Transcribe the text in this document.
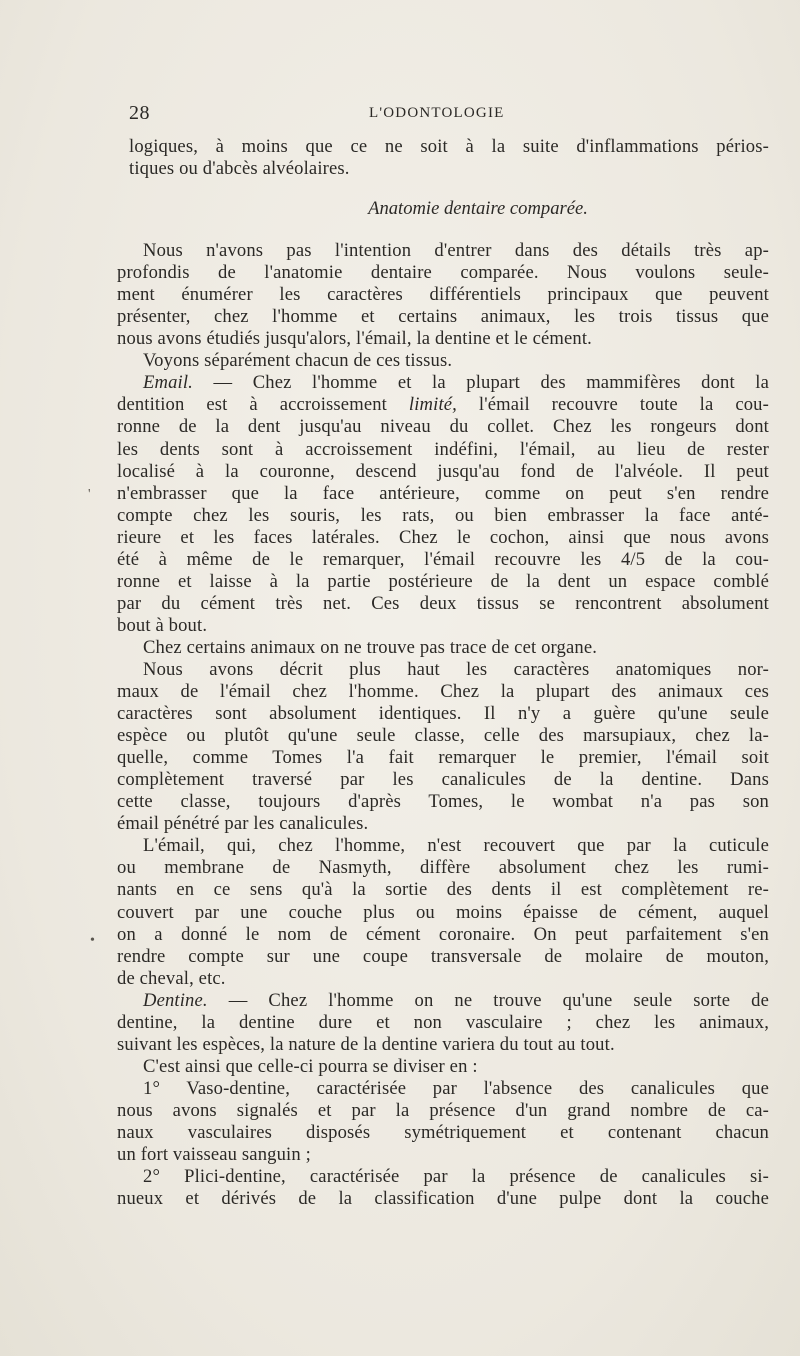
28	L'ODONTOLOGIE
'
•
logiques, à moins que ce ne soit à la suite d'inflammations périos-
tiques ou d'abcès alvéolaires.
Anatomie dentaire comparée.
Nous n'avons pas l'intention d'entrer dans des détails très ap-
profondis de l'anatomie dentaire comparée. Nous voulons seule-
ment énumérer les caractères différentiels principaux que peuvent
présenter, chez l'homme et certains animaux, les trois tissus que
nous avons étudiés jusqu'alors, l'émail, la dentine et le cément.
Voyons séparément chacun de ces tissus.
Email. — Chez l'homme et la plupart des mammifères dont la
dentition est à accroissement limité, l'émail recouvre toute la cou-
ronne de la dent jusqu'au niveau du collet. Chez les rongeurs dont
les dents sont à accroissement indéfini, l'émail, au lieu de rester
localisé à la couronne, descend jusqu'au fond de l'alvéole. Il peut
n'embrasser que la face antérieure, comme on peut s'en rendre
compte chez les souris, les rats, ou bien embrasser la face anté-
rieure et les faces latérales. Chez le cochon, ainsi que nous avons
été à même de le remarquer, l'émail recouvre les 4/5 de la cou-
ronne et laisse à la partie postérieure de la dent un espace comblé
par du cément très net. Ces deux tissus se rencontrent absolument
bout à bout.
Chez certains animaux on ne trouve pas trace de cet organe.
Nous avons décrit plus haut les caractères anatomiques nor-
maux de l'émail chez l'homme. Chez la plupart des animaux ces
caractères sont absolument identiques. Il n'y a guère qu'une seule
espèce ou plutôt qu'une seule classe, celle des marsupiaux, chez la-
quelle, comme Tomes l'a fait remarquer le premier, l'émail soit
complètement traversé par les canalicules de la dentine. Dans
cette classe, toujours d'après Tomes, le wombat n'a pas son
émail pénétré par les canalicules.
L'émail, qui, chez l'homme, n'est recouvert que par la cuticule
ou membrane de Nasmyth, diffère absolument chez les rumi-
nants en ce sens qu'à la sortie des dents il est complètement re-
couvert par une couche plus ou moins épaisse de cément, auquel
on a donné le nom de cément coronaire. On peut parfaitement s'en
rendre compte sur une coupe transversale de molaire de mouton,
de cheval, etc.
Dentine. — Chez l'homme on ne trouve qu'une seule sorte de
dentine, la dentine dure et non vasculaire ; chez les animaux,
suivant les espèces, la nature de la dentine variera du tout au tout.
C'est ainsi que celle-ci pourra se diviser en :
1° Vaso-dentine, caractérisée par l'absence des canalicules que
nous avons signalés et par la présence d'un grand nombre de ca-
naux vasculaires disposés symétriquement et contenant chacun
un fort vaisseau sanguin ;
2° Plici-dentine, caractérisée par la présence de canalicules si-
nueux et dérivés de la classification d'une pulpe dont la couche
